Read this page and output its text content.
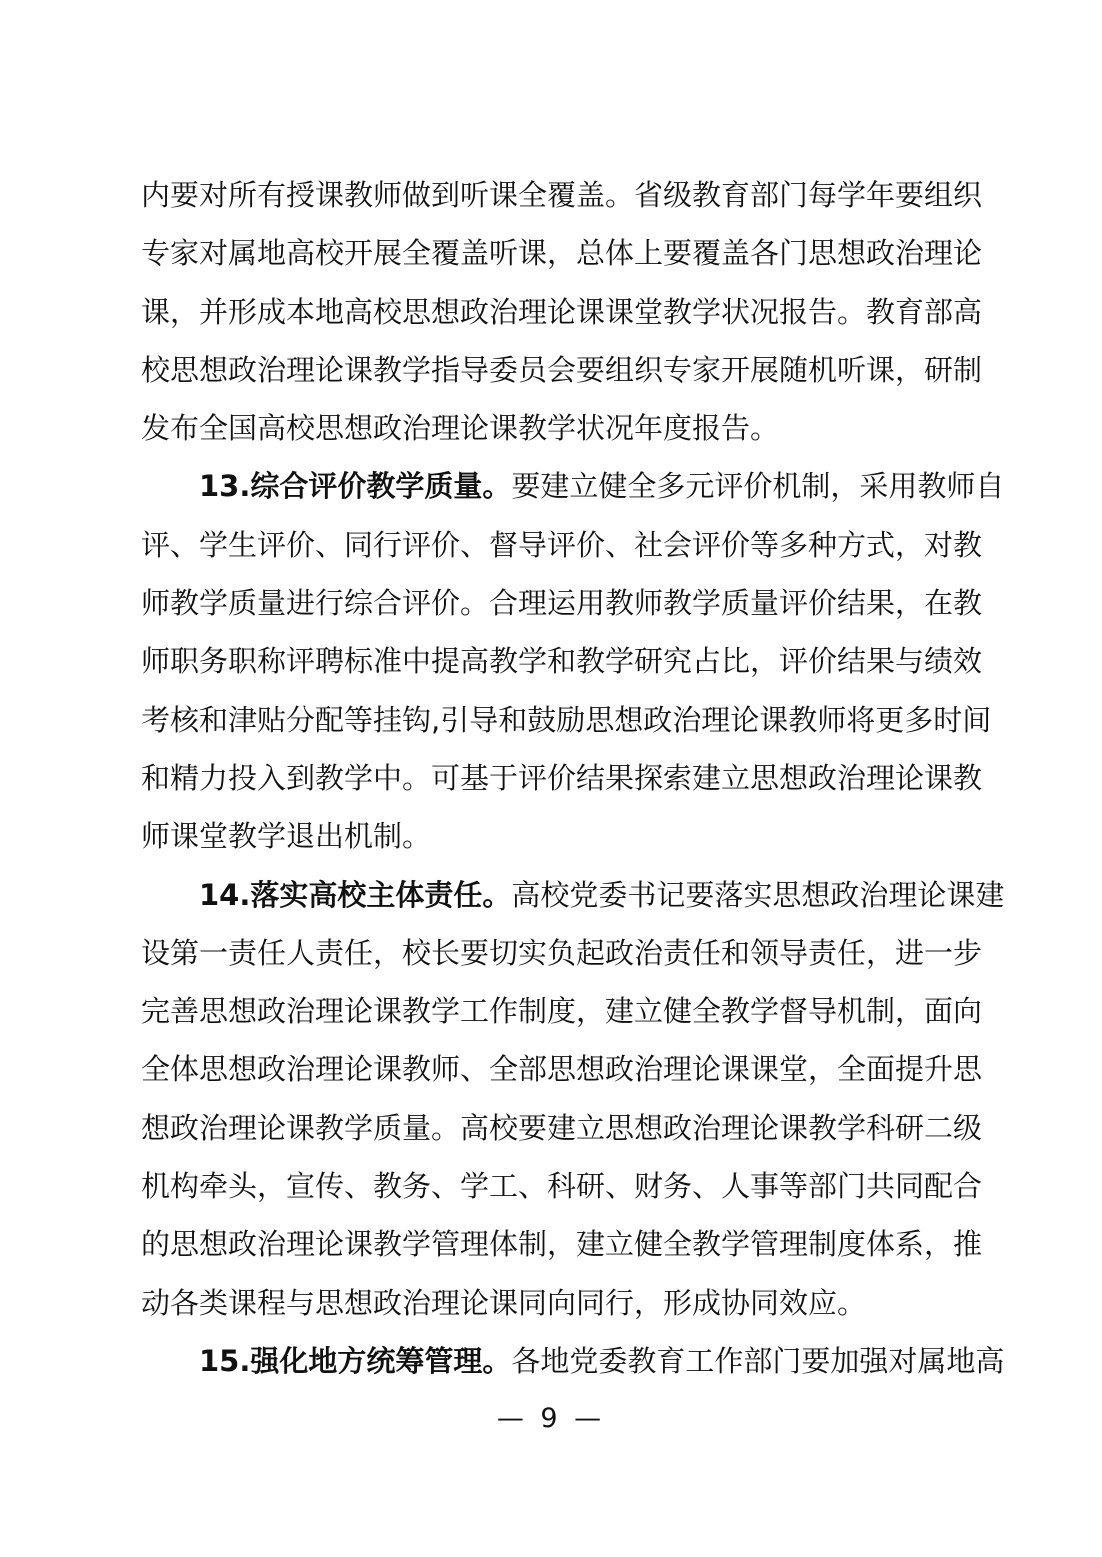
内要对所有授课教师做到听课全覆盖。省级教育部门每学年要组织
专家对属地高校开展全覆盖听课，总体上要覆盖各门思想政治理论
课，并形成本地高校思想政治理论课课堂教学状况报告。教育部高
校思想政治理论课教学指导委员会要组织专家开展随机听课，研制
发布全国高校思想政治理论课教学状况年度报告。
13.综合评价教学质量。要建立健全多元评价机制，采用教师自
评、学生评价、同行评价、督导评价、社会评价等多种方式，对教
师教学质量进行综合评价。合理运用教师教学质量评价结果，在教
师职务职称评聘标准中提高教学和教学研究占比，评价结果与绩效
考核和津贴分配等挂钩,引导和鼓励思想政治理论课教师将更多时间
和精力投入到教学中。可基于评价结果探索建立思想政治理论课教
师课堂教学退出机制。
14.落实高校主体责任。高校党委书记要落实思想政治理论课建
设第一责任人责任，校长要切实负起政治责任和领导责任，进一步
完善思想政治理论课教学工作制度，建立健全教学督导机制，面向
全体思想政治理论课教师、全部思想政治理论课课堂，全面提升思
想政治理论课教学质量。高校要建立思想政治理论课教学科研二级
机构牵头，宣传、教务、学工、科研、财务、人事等部门共同配合
的思想政治理论课教学管理体制，建立健全教学管理制度体系，推
动各类课程与思想政治理论课同向同行，形成协同效应。
15.强化地方统筹管理。各地党委教育工作部门要加强对属地高
— 9 —
